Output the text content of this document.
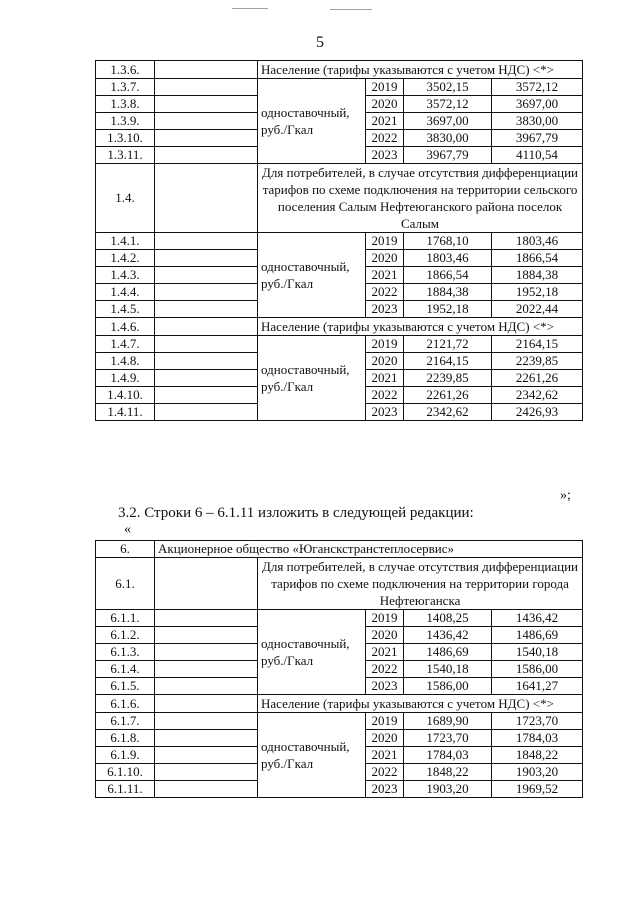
5
1.3.6.		Население (тарифы указываются с учетом НДС) <*>			
1.3.7.		одноставочный, руб./Гкал	2019	3502,15	3572,12
1.3.8.			2020	3572,12	3697,00
1.3.9.			2021	3697,00	3830,00
1.3.10.			2022	3830,00	3967,79
1.3.11.			2023	3967,79	4110,54
1.4.		Для потребителей, в случае отсутствия дифференциации тарифов по схеме подключения на территории сельского поселения Салым Нефтеюганского района поселок Салым			
1.4.1.		одноставочный, руб./Гкал	2019	1768,10	1803,46
1.4.2.			2020	1803,46	1866,54
1.4.3.			2021	1866,54	1884,38
1.4.4.			2022	1884,38	1952,18
1.4.5.			2023	1952,18	2022,44
1.4.6.		Население (тарифы указываются с учетом НДС) <*>			
1.4.7.		одноставочный, руб./Гкал	2019	2121,72	2164,15
1.4.8.			2020	2164,15	2239,85
1.4.9.			2021	2239,85	2261,26
1.4.10.			2022	2261,26	2342,62
1.4.11.			2023	2342,62	2426,93
»;
3.2. Строки 6 – 6.1.11 изложить в следующей редакции:
«
6.	Акционерное общество «Юганскстранстеплосервис»				
6.1.		Для потребителей, в случае отсутствия дифференциации тарифов по схеме подключения на территории города Нефтеюганска			
6.1.1.		одноставочный, руб./Гкал	2019	1408,25	1436,42
6.1.2.			2020	1436,42	1486,69
6.1.3.			2021	1486,69	1540,18
6.1.4.			2022	1540,18	1586,00
6.1.5.			2023	1586,00	1641,27
6.1.6.		Население (тарифы указываются с учетом НДС) <*>			
6.1.7.		одноставочный, руб./Гкал	2019	1689,90	1723,70
6.1.8.			2020	1723,70	1784,03
6.1.9.			2021	1784,03	1848,22
6.1.10.			2022	1848,22	1903,20
6.1.11.			2023	1903,20	1969,52
